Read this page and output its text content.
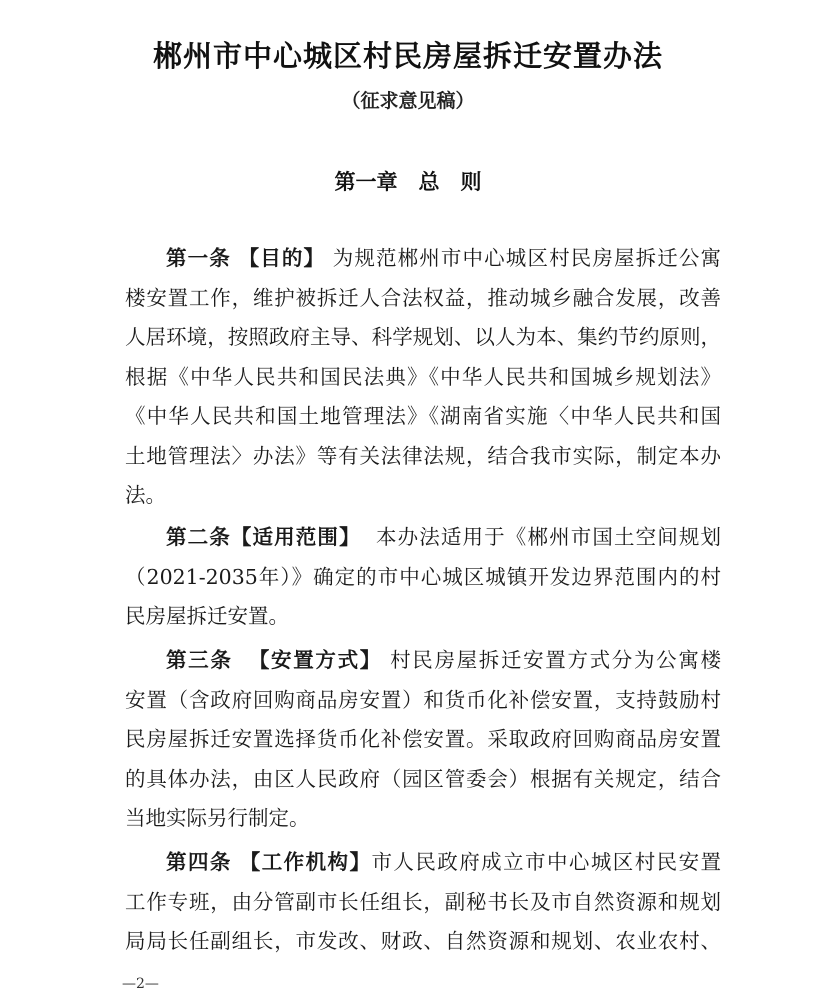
郴州市中心城区村民房屋拆迁安置办法
（征求意见稿）
第一章　总　则
第一条 【目的】 为规范郴州市中心城区村民房屋拆迁公寓
楼安置工作，维护被拆迁人合法权益，推动城乡融合发展，改善
人居环境，按照政府主导、科学规划、以人为本、集约节约原则，
根据《中华人民共和国民法典》《中华人民共和国城乡规划法》
《中华人民共和国土地管理法》《湖南省实施〈中华人民共和国
土地管理法〉办法》等有关法律法规，结合我市实际，制定本办
法。
第二条【适用范围】 本办法适用于《郴州市国土空间规划
（2021-2035年）》确定的市中心城区城镇开发边界范围内的村
民房屋拆迁安置。
第三条 【安置方式】 村民房屋拆迁安置方式分为公寓楼
安置（含政府回购商品房安置）和货币化补偿安置，支持鼓励村
民房屋拆迁安置选择货币化补偿安置。采取政府回购商品房安置
的具体办法，由区人民政府（园区管委会）根据有关规定，结合
当地实际另行制定。
第四条 【工作机构】市人民政府成立市中心城区村民安置
工作专班，由分管副市长任组长，副秘书长及市自然资源和规划
局局长任副组长，市发改、财政、自然资源和规划、农业农村、
—2—
